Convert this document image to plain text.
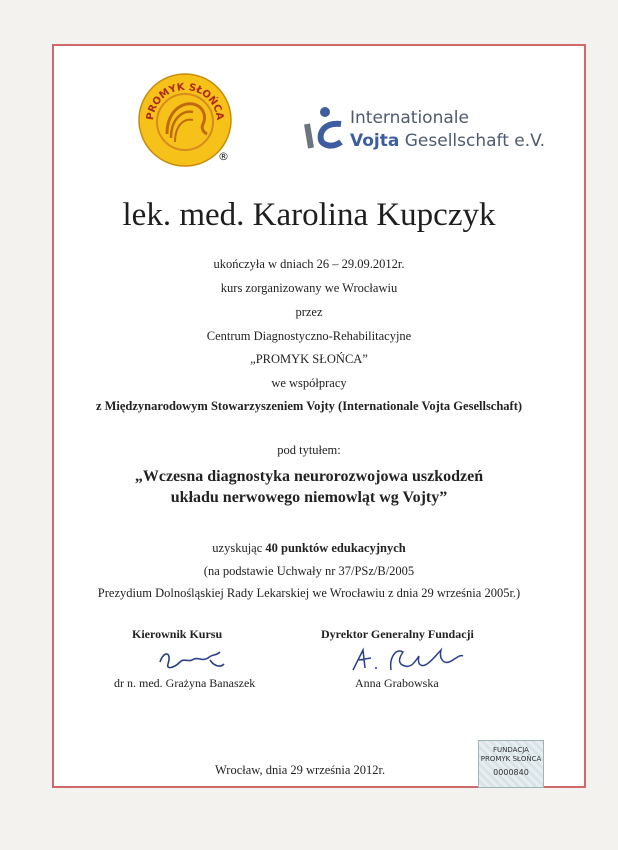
PROMYK SŁOŃCA
®
Internationale
Vojta Gesellschaft e.V.
lek. med. Karolina Kupczyk
ukończyła w dniach 26 – 29.09.2012r.
kurs zorganizowany we Wrocławiu
przez
Centrum Diagnostyczno-Rehabilitacyjne
„PROMYK SŁOŃCA”
we współpracy
z Międzynarodowym Stowarzyszeniem Vojty (Internationale Vojta Gesellschaft)
pod tytułem:
„Wczesna diagnostyka neurorozwojowa uszkodzeń
układu nerwowego niemowląt wg Vojty”
uzyskując 40 punktów edukacyjnych
(na podstawie Uchwały nr 37/PSz/B/2005
Prezydium Dolnośląskiej Rady Lekarskiej we Wrocławiu z dnia 29 września 2005r.)
Kierownik Kursu
dr n. med. Grażyna Banaszek
Dyrektor Generalny Fundacji
Anna Grabowska
Wrocław, dnia 29 września 2012r.
FUNDACJA
PROMYK SŁOŃCA
0000840
